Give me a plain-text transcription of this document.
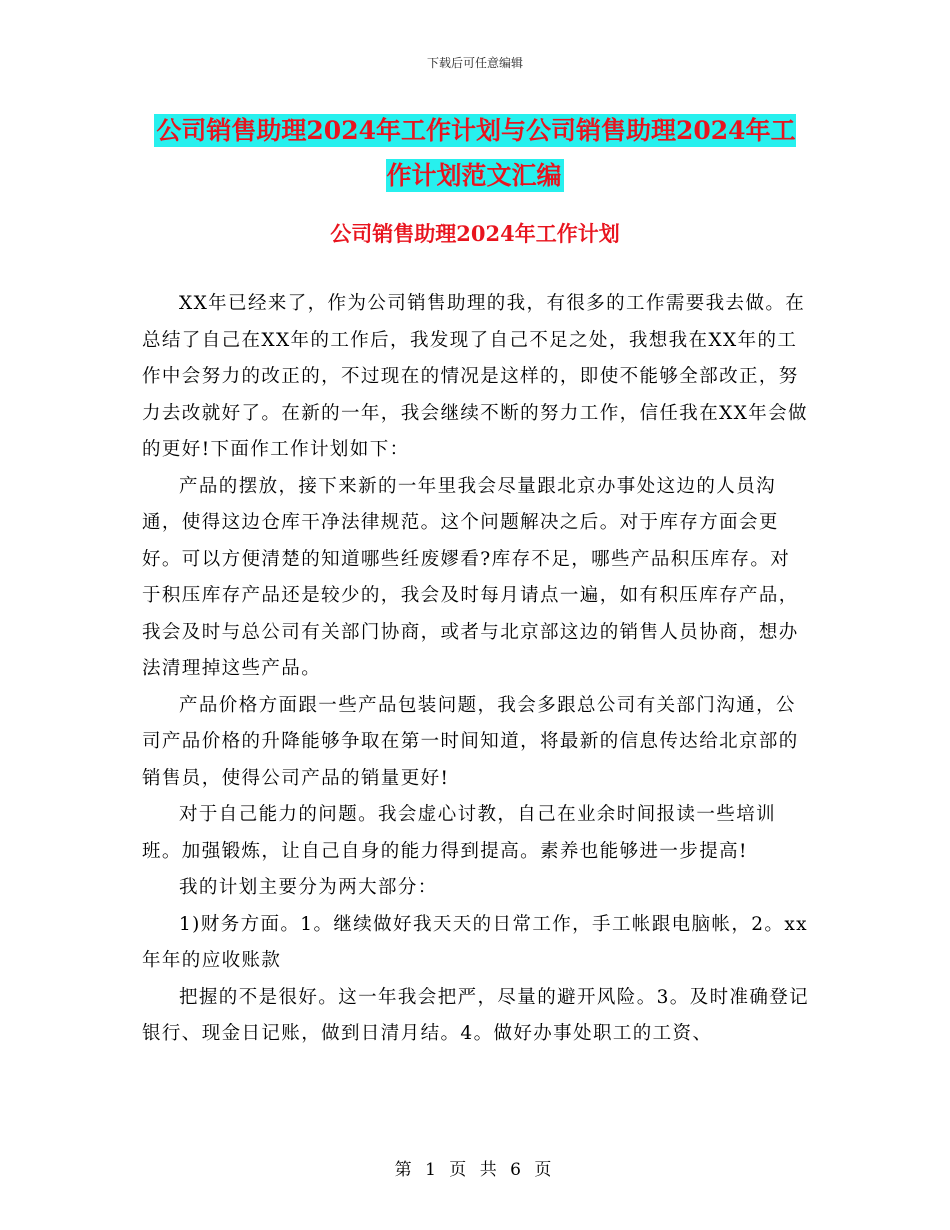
下载后可任意编辑
公司销售助理2024年工作计划与公司销售助理2024年工作计划范文汇编
公司销售助理2024年工作计划

XX年已经来了，作为公司销售助理的我，有很多的工作需要我去做。在总结了自己在XX年的工作后，我发现了自己不足之处，我想我在XX年的工作中会努力的改正的，不过现在的情况是这样的，即使不能够全部改正，努力去改就好了。在新的一年，我会继续不断的努力工作，信任我在XX年会做的更好!下面作工作计划如下：

产品的摆放，接下来新的一年里我会尽量跟北京办事处这边的人员沟通，使得这边仓库干净法律规范。这个问题解决之后。对于库存方面会更好。可以方便清楚的知道哪些纴废嫪看?库存不足，哪些产品积压库存。对于积压库存产品还是较少的，我会及时每月请点一遍，如有积压库存产品，我会及时与总公司有关部门协商，或者与北京部这边的销售人员协商，想办法清理掉这些产品。

产品价格方面跟一些产品包装问题，我会多跟总公司有关部门沟通，公司产品价格的升降能够争取在第一时间知道，将最新的信息传达给北京部的销售员，使得公司产品的销量更好!

对于自己能力的问题。我会虚心讨教，自己在业余时间报读一些培训班。加强锻炼，让自己自身的能力得到提高。素养也能够进一步提高!

我的计划主要分为两大部分：

1)财务方面。1。继续做好我天天的日常工作，手工帐跟电脑帐，2。xx年年的应收账款

把握的不是很好。这一年我会把严，尽量的避开风险。3。及时准确登记银行、现金日记账，做到日清月结。4。做好办事处职工的工资、

第 1 页 共 6 页
